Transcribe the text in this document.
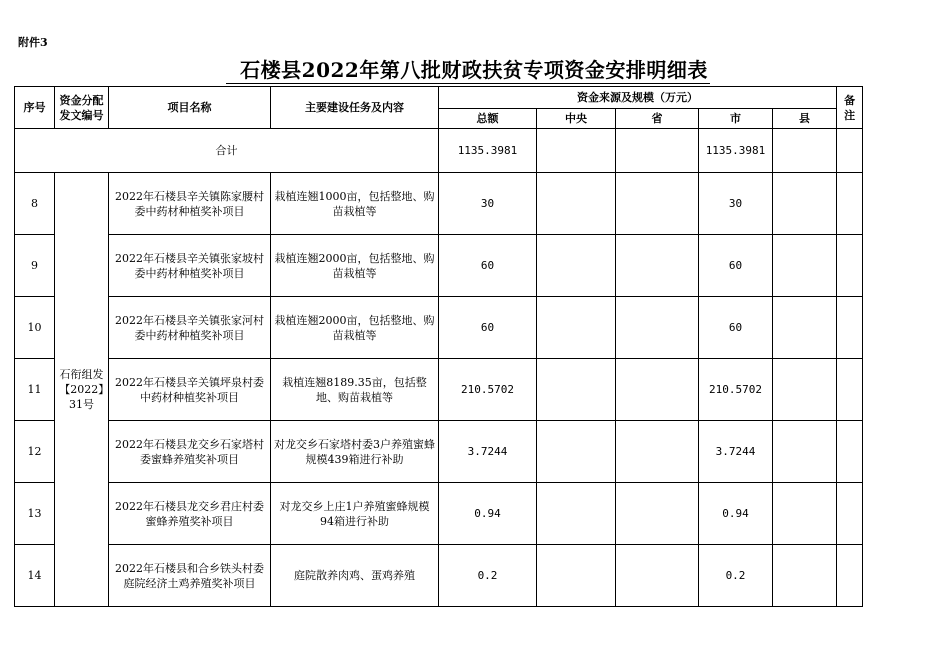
附件3
石楼县2022年第八批财政扶贫专项资金安排明细表
序号	资金分配发文编号	项目名称	主要建设任务及内容	资金来源及规模（万元）					备注
				总额	中央	省	市	县	
合计				1135.3981			1135.3981		
8	石衔组发【2022】31号	2022年石楼县辛关镇陈家腰村委中药材种植奖补项目	栽植连翘1000亩，包括整地、购苗栽植等	30			30		
9		2022年石楼县辛关镇张家坡村委中药材种植奖补项目	栽植连翘2000亩，包括整地、购苗栽植等	60			60		
10		2022年石楼县辛关镇张家河村委中药材种植奖补项目	栽植连翘2000亩，包括整地、购苗栽植等	60			60		
11		2022年石楼县辛关镇坪泉村委中药材种植奖补项目	栽植连翘8189.35亩，包括整地、购苗栽植等	210.5702			210.5702		
12		2022年石楼县龙交乡石家塔村委蜜蜂养殖奖补项目	对龙交乡石家塔村委3户养殖蜜蜂规模439箱进行补助	3.7244			3.7244		
13		2022年石楼县龙交乡君庄村委蜜蜂养殖奖补项目	对龙交乡上庄1户养殖蜜蜂规模94箱进行补助	0.94			0.94		
14		2022年石楼县和合乡铁头村委庭院经济土鸡养殖奖补项目	庭院散养肉鸡、蛋鸡养殖	0.2			0.2		
